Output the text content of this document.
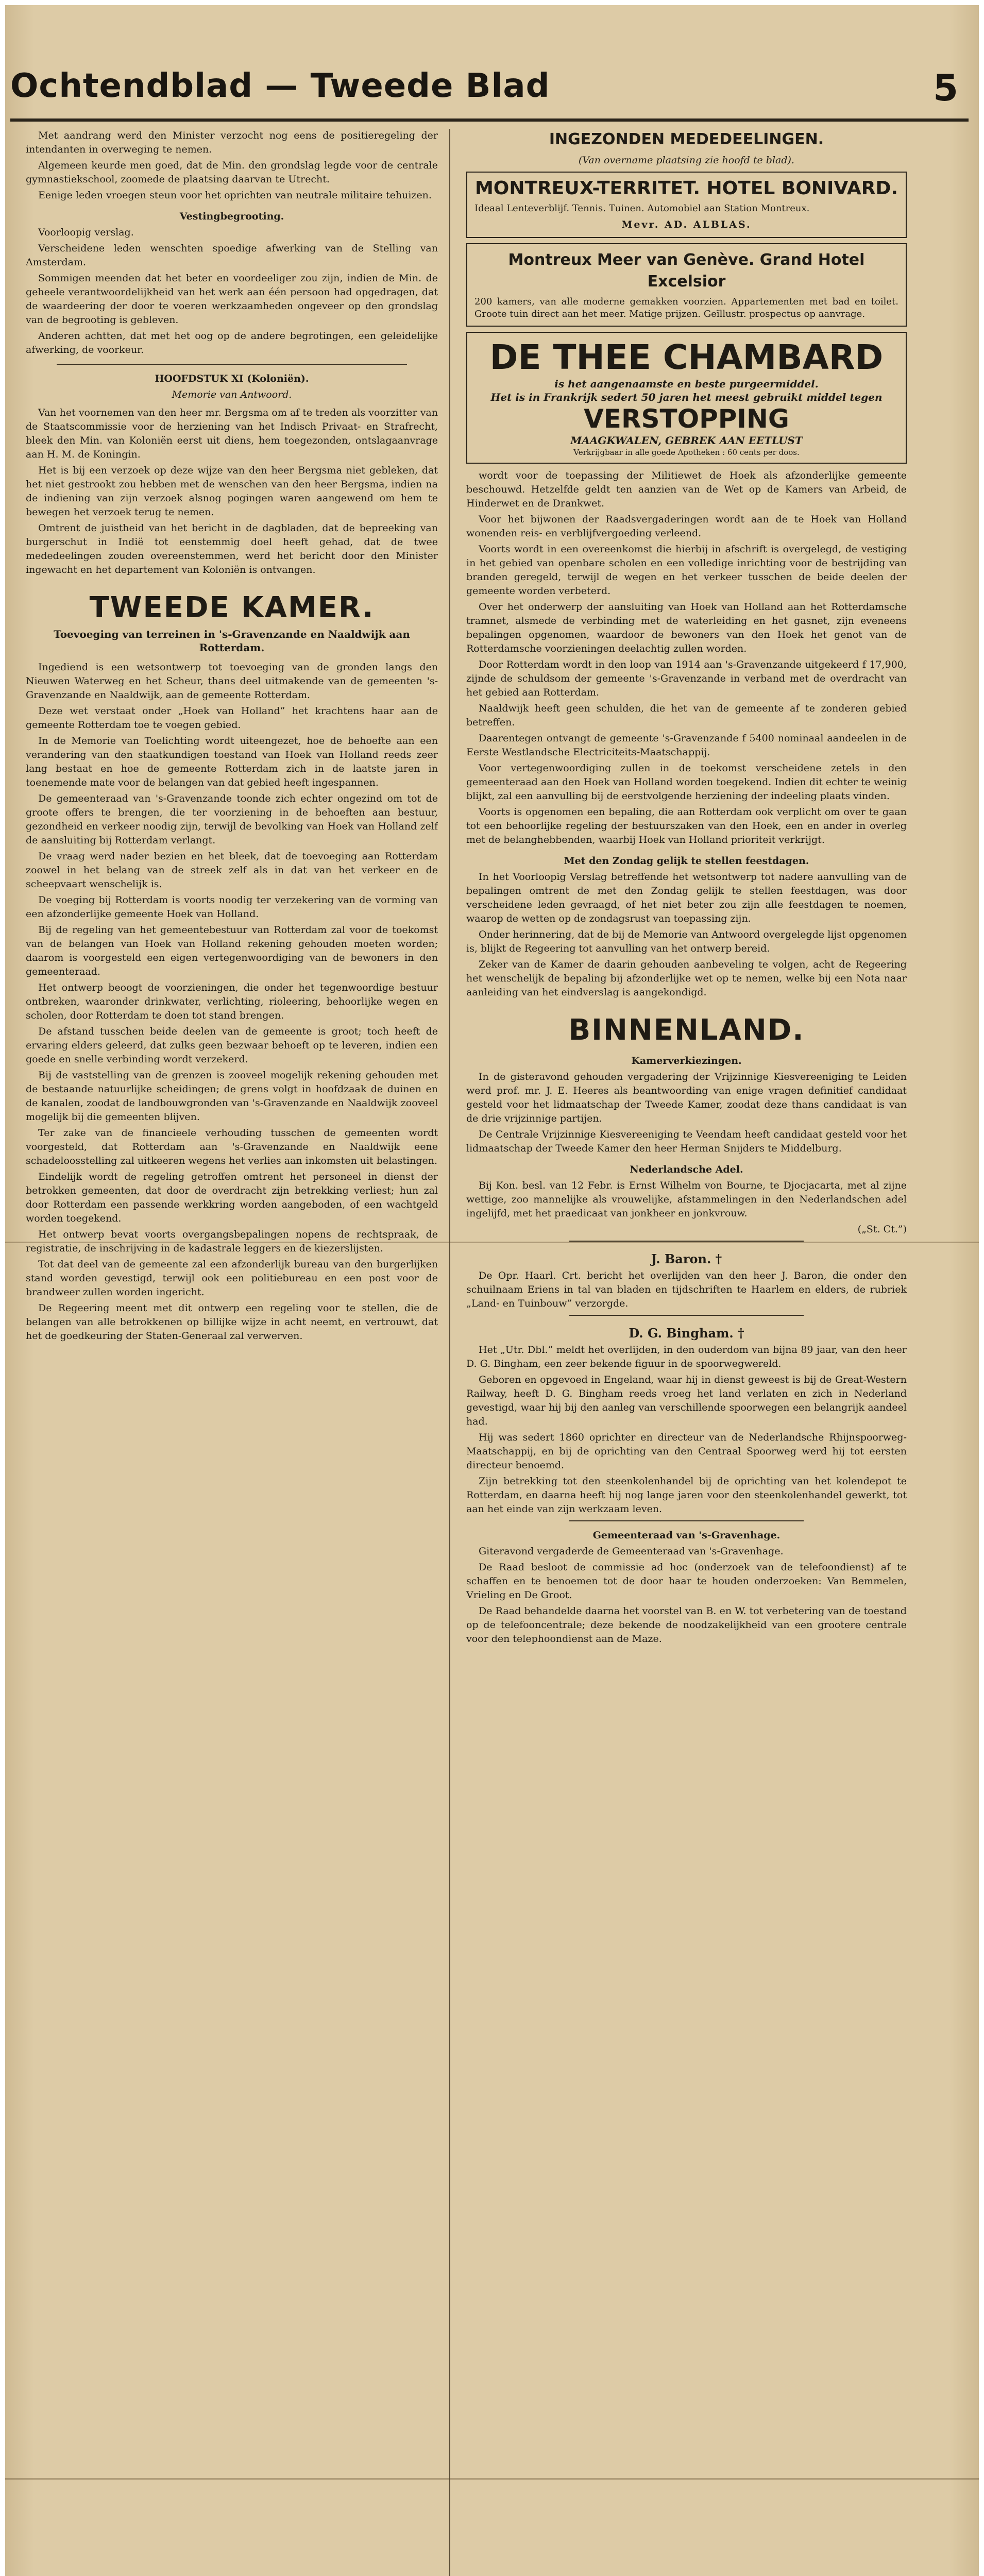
Ochtendblad — Tweede Blad	5

Met aandrang werd den Minister verzocht nog eens de positieregeling der intendanten in overweging te nemen.

Algemeen keurde men goed, dat de Min. den grondslag legde voor de centrale gymnastiekschool, zoomede de plaatsing daarvan te Utrecht.

Eenige leden vroegen steun voor het oprichten van neutrale militaire tehuizen.

Vestingbegrooting.

Voorloopig verslag.

Verscheidene leden wenschten spoedige afwerking van de Stelling van Amsterdam.

Sommigen meenden dat het beter en voordeeliger zou zijn, indien de Min. de geheele verantwoordelijkheid van het werk aan één persoon had opgedragen, dat de waardeering der door te voeren werkzaamheden ongeveer op den grondslag van de begrooting is gebleven.

Anderen achtten, dat met het oog op de andere begrotingen, een geleidelijke afwerking, de voorkeur.

HOOFDSTUK XI (Koloniën).
Memorie van Antwoord.

Van het voornemen van den heer mr. Bergsma om af te treden als voorzitter van de Staatscommissie voor de herziening van het Indisch Privaat- en Strafrecht, bleek den Min. van Koloniën eerst uit diens, hem toegezonden, ontslagaanvrage aan H. M. de Koningin.

Het is bij een verzoek op deze wijze van den heer Bergsma niet gebleken, dat het niet gestrookt zou hebben met de wenschen van den heer Bergsma, indien na de indiening van zijn verzoek alsnog pogingen waren aangewend om hem te bewegen het verzoek terug te nemen.

Omtrent de juistheid van het bericht in de dagbladen, dat de bepreeking van burgerschut in Indië tot eenstemmig doel heeft gehad, dat de twee mededeelingen zouden overeenstemmen, werd het bericht door den Minister ingewacht en het departement van Koloniën is ontvangen.

TWEEDE KAMER.
Toevoeging van terreinen in 's-Gravenzande en Naaldwijk aan Rotterdam.

Ingediend is een wetsontwerp tot toevoeging van de gronden langs den Nieuwen Waterweg en het Scheur, thans deel uitmakende van de gemeenten 's-Gravenzande en Naaldwijk, aan de gemeente Rotterdam.

Deze wet verstaat onder „Hoek van Holland” het krachtens haar aan de gemeente Rotterdam toe te voegen gebied.

In de Memorie van Toelichting wordt uiteengezet, hoe de behoefte aan een verandering van den staatkundigen toestand van Hoek van Holland reeds zeer lang bestaat en hoe de gemeente Rotterdam zich in de laatste jaren in toenemende mate voor de belangen van dat gebied heeft ingespannen.

De gemeenteraad van 's-Gravenzande toonde zich echter ongezind om tot de groote offers te brengen, die ter voorziening in de behoeften aan bestuur, gezondheid en verkeer noodig zijn, terwijl de bevolking van Hoek van Holland zelf de aansluiting bij Rotterdam verlangt.

De vraag werd nader bezien en het bleek, dat de toevoeging aan Rotterdam zoowel in het belang van de streek zelf als in dat van het verkeer en de scheepvaart wenschelijk is.

De voeging bij Rotterdam is voorts noodig ter verzekering van de vorming van een afzonderlijke gemeente Hoek van Holland.

Bij de regeling van het gemeentebestuur van Rotterdam zal voor de toekomst van de belangen van Hoek van Holland rekening gehouden moeten worden; daarom is voorgesteld een eigen vertegenwoordiging van de bewoners in den gemeenteraad.

Het ontwerp beoogt de voorzieningen, die onder het tegenwoordige bestuur ontbreken, waaronder drinkwater, verlichting, rioleering, behoorlijke wegen en scholen, door Rotterdam te doen tot stand brengen.

De afstand tusschen beide deelen van de gemeente is groot; toch heeft de ervaring elders geleerd, dat zulks geen bezwaar behoeft op te leveren, indien een goede en snelle verbinding wordt verzekerd.

Bij de vaststelling van de grenzen is zooveel mogelijk rekening gehouden met de bestaande natuurlijke scheidingen; de grens volgt in hoofdzaak de duinen en de kanalen, zoodat de landbouwgronden van 's-Gravenzande en Naaldwijk zooveel mogelijk bij die gemeenten blijven.

Ter zake van de financieele verhouding tusschen de gemeenten wordt voorgesteld, dat Rotterdam aan 's-Gravenzande en Naaldwijk eene schadeloosstelling zal uitkeeren wegens het verlies aan inkomsten uit belastingen.

Eindelijk wordt de regeling getroffen omtrent het personeel in dienst der betrokken gemeenten, dat door de overdracht zijn betrekking verliest; hun zal door Rotterdam een passende werkkring worden aangeboden, of een wachtgeld worden toegekend.

Het ontwerp bevat voorts overgangsbepalingen nopens de rechtspraak, de registratie, de inschrijving in de kadastrale leggers en de kiezerslijsten.

Tot dat deel van de gemeente zal een afzonderlijk bureau van den burgerlijken stand worden gevestigd, terwijl ook een politiebureau en een post voor de brandweer zullen worden ingericht.

De Regeering meent met dit ontwerp een regeling voor te stellen, die de belangen van alle betrokkenen op billijke wijze in acht neemt, en vertrouwt, dat het de goedkeuring der Staten-Generaal zal verwerven.

INGEZONDEN MEDEDEELINGEN.
(Van overname plaatsing zie hoofd te blad).
MONTREUX-TERRITET. HOTEL BONIVARD.
Ideaal Lenteverblijf. Tennis. Tuinen. Automobiel aan Station Montreux.
Mevr. AD. ALBLAS.
Montreux Meer van Genève. Grand Hotel Excelsior
200 kamers, van alle moderne gemakken voorzien. Appartementen met bad en toilet. Groote tuin direct aan het meer. Matige prijzen. Geïllustr. prospectus op aanvrage.
DE THEE CHAMBARD
is het aangenaamste en beste purgeermiddel.
Het is in Frankrijk sedert 50 jaren het meest gebruikt middel tegen
VERSTOPPING
MAAGKWALEN, GEBREK AAN EETLUST
Verkrijgbaar in alle goede Apotheken : 60 cents per doos.

wordt voor de toepassing der Militiewet de Hoek als afzonderlijke gemeente beschouwd. Hetzelfde geldt ten aanzien van de Wet op de Kamers van Arbeid, de Hinderwet en de Drankwet.

Voor het bijwonen der Raadsvergaderingen wordt aan de te Hoek van Holland wonenden reis- en verblijfvergoeding verleend.

Voorts wordt in een overeenkomst die hierbij in afschrift is overgelegd, de vestiging in het gebied van openbare scholen en een volledige inrichting voor de bestrijding van branden geregeld, terwijl de wegen en het verkeer tusschen de beide deelen der gemeente worden verbeterd.

Over het onderwerp der aansluiting van Hoek van Holland aan het Rotterdamsche tramnet, alsmede de verbinding met de waterleiding en het gasnet, zijn eveneens bepalingen opgenomen, waardoor de bewoners van den Hoek het genot van de Rotterdamsche voorzieningen deelachtig zullen worden.

Door Rotterdam wordt in den loop van 1914 aan 's-Gravenzande uitgekeerd f 17,900, zijnde de schuldsom der gemeente 's-Gravenzande in verband met de overdracht van het gebied aan Rotterdam.

Naaldwijk heeft geen schulden, die het van de gemeente af te zonderen gebied betreffen.

Daarentegen ontvangt de gemeente 's-Gravenzande f 5400 nominaal aandeelen in de Eerste Westlandsche Electriciteits-Maatschappij.

Voor vertegenwoordiging zullen in de toekomst verscheidene zetels in den gemeenteraad aan den Hoek van Holland worden toegekend. Indien dit echter te weinig blijkt, zal een aanvulling bij de eerstvolgende herziening der indeeling plaats vinden.

Voorts is opgenomen een bepaling, die aan Rotterdam ook verplicht om over te gaan tot een behoorlijke regeling der bestuurszaken van den Hoek, een en ander in overleg met de belanghebbenden, waarbij Hoek van Holland prioriteit verkrijgt.

Met den Zondag gelijk te stellen feestdagen.

In het Voorloopig Verslag betreffende het wetsontwerp tot nadere aanvulling van de bepalingen omtrent de met den Zondag gelijk te stellen feestdagen, was door verscheidene leden gevraagd, of het niet beter zou zijn alle feestdagen te noemen, waarop de wetten op de zondagsrust van toepassing zijn.

Onder herinnering, dat de bij de Memorie van Antwoord overgelegde lijst opgenomen is, blijkt de Regeering tot aanvulling van het ontwerp bereid.

Zeker van de Kamer de daarin gehouden aanbeveling te volgen, acht de Regeering het wenschelijk de bepaling bij afzonderlijke wet op te nemen, welke bij een Nota naar aanleiding van het eindverslag is aangekondigd.

BINNENLAND.
Kamerverkiezingen.

In de gisteravond gehouden vergadering der Vrijzinnige Kiesvereeniging te Leiden werd prof. mr. J. E. Heeres als beantwoording van enige vragen definitief candidaat gesteld voor het lidmaatschap der Tweede Kamer, zoodat deze thans candidaat is van de drie vrijzinnige partijen.

De Centrale Vrijzinnige Kiesvereeniging te Veendam heeft candidaat gesteld voor het lidmaatschap der Tweede Kamer den heer Herman Snijders te Middelburg.

Nederlandsche Adel.

Bij Kon. besl. van 12 Febr. is Ernst Wilhelm von Bourne, te Djocjacarta, met al zijne wettige, zoo mannelijke als vrouwelijke, afstammelingen in den Nederlandschen adel ingelijfd, met het praedicaat van jonkheer en jonkvrouw.

(„St. Ct.”)
J. Baron. †

De Opr. Haarl. Crt. bericht het overlijden van den heer J. Baron, die onder den schuilnaam Eriens in tal van bladen en tijdschriften te Haarlem en elders, de rubriek „Land- en Tuinbouw” verzorgde.

D. G. Bingham. †

Het „Utr. Dbl.” meldt het overlijden, in den ouderdom van bijna 89 jaar, van den heer D. G. Bingham, een zeer bekende figuur in de spoorwegwereld.

Geboren en opgevoed in Engeland, waar hij in dienst geweest is bij de Great-Western Railway, heeft D. G. Bingham reeds vroeg het land verlaten en zich in Nederland gevestigd, waar hij bij den aanleg van verschillende spoorwegen een belangrijk aandeel had.

Hij was sedert 1860 oprichter en directeur van de Nederlandsche Rhijnspoorweg-Maatschappij, en bij de oprichting van den Centraal Spoorweg werd hij tot eersten directeur benoemd.

Zijn betrekking tot den steenkolenhandel bij de oprichting van het kolendepot te Rotterdam, en daarna heeft hij nog lange jaren voor den steenkolenhandel gewerkt, tot aan het einde van zijn werkzaam leven.

Gemeenteraad van 's-Gravenhage.

Giteravond vergaderde de Gemeenteraad van 's-Gravenhage.

De Raad besloot de commissie ad hoc (onderzoek van de telefoondienst) af te schaffen en te benoemen tot de door haar te houden onderzoeken: Van Bemmelen, Vrieling en De Groot.

De Raad behandelde daarna het voorstel van B. en W. tot verbetering van de toestand op de telefooncentrale; deze bekende de noodzakelijkheid van een grootere centrale voor den telephoondienst aan de Maze.
